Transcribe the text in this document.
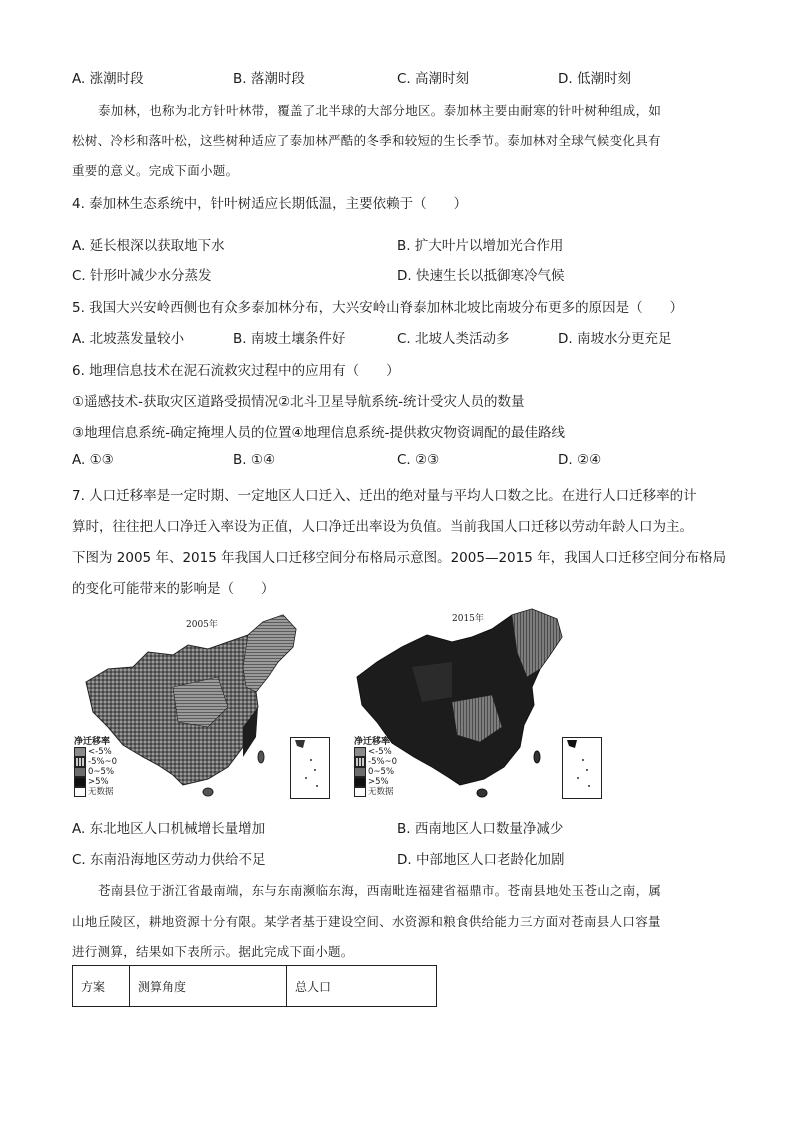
A. 涨潮时段	B. 落潮时段	C. 高潮时刻	D. 低潮时刻
泰加林，也称为北方针叶林带，覆盖了北半球的大部分地区。泰加林主要由耐寒的针叶树种组成，如
松树、冷杉和落叶松，这些树种适应了泰加林严酷的冬季和较短的生长季节。泰加林对全球气候变化具有
重要的意义。完成下面小题。
4. 泰加林生态系统中，针叶树适应长期低温，主要依赖于（　　）
A. 延长根深以获取地下水	B. 扩大叶片以增加光合作用
C. 针形叶减少水分蒸发	D. 快速生长以抵御寒冷气候
5. 我国大兴安岭西侧也有众多泰加林分布，大兴安岭山脊泰加林北坡比南坡分布更多的原因是（　　）
A. 北坡蒸发量较小	B. 南坡土壤条件好	C. 北坡人类活动多	D. 南坡水分更充足
6. 地理信息技术在泥石流救灾过程中的应用有（　　）
①遥感技术-获取灾区道路受损情况②北斗卫星导航系统-统计受灾人员的数量
③地理信息系统-确定掩埋人员的位置④地理信息系统-提供救灾物资调配的最佳路线
A. ①③	B. ①④	C. ②③	D. ②④
7. 人口迁移率是一定时期、一定地区人口迁入、迁出的绝对量与平均人口数之比。在进行人口迁移率的计
算时，往往把人口净迁入率设为正值，人口净迁出率设为负值。当前我国人口迁移以劳动年龄人口为主。
下图为 2005 年、2015 年我国人口迁移空间分布格局示意图。2005—2015 年，我国人口迁移空间分布格局
的变化可能带来的影响是（　　）
2005年
净迁移率
<-5%
-5%~0
0~5%
>5%
无数据
2015年
净迁移率
<-5%
-5%~0
0~5%
>5%
无数据
A. 东北地区人口机械增长量增加	B. 西南地区人口数量净减少
C. 东南沿海地区劳动力供给不足	D. 中部地区人口老龄化加剧
苍南县位于浙江省最南端，东与东南濒临东海，西南毗连福建省福鼎市。苍南县地处玉苍山之南，属
山地丘陵区，耕地资源十分有限。某学者基于建设空间、水资源和粮食供给能力三方面对苍南县人口容量
进行测算，结果如下表所示。据此完成下面小题。
方案	测算角度	总人口
